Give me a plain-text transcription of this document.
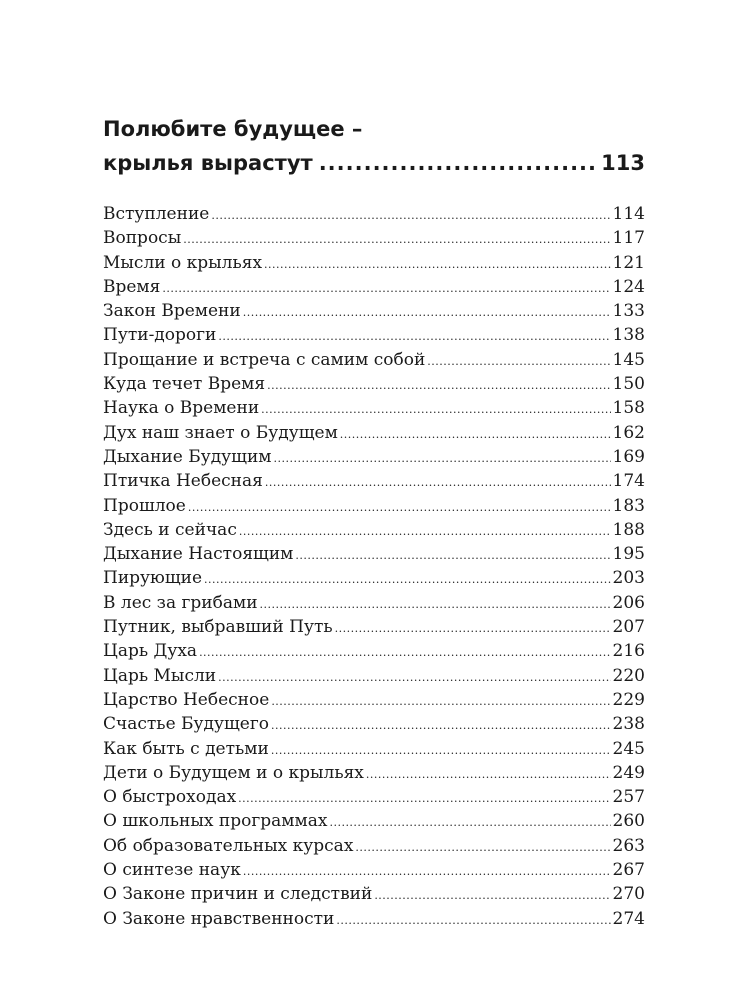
Полюбите будущее –
крылья вырастут .....	113
Вступление .....	114
Вопросы .....	117
Мысли о крыльях .....	121
Время .....	124
Закон Времени .....	133
Пути-дороги .....	138
Прощание и встреча с самим собой .....	145
Куда течет Время .....	150
Наука о Времени .....	158
Дух наш знает о Будущем .....	162
Дыхание Будущим .....	169
Птичка Небесная .....	174
Прошлое .....	183
Здесь и сейчас .....	188
Дыхание Настоящим .....	195
Пирующие .....	203
В лес за грибами .....	206
Путник, выбравший Путь .....	207
Царь Духа .....	216
Царь Мысли .....	220
Царство Небесное .....	229
Счастье Будущего .....	238
Как быть с детьми .....	245
Дети о Будущем и о крыльях .....	249
О быстроходах .....	257
О школьных программах .....	260
Об образовательных курсах .....	263
О синтезе наук .....	267
О Законе причин и следствий .....	270
О Законе нравственности .....	274
